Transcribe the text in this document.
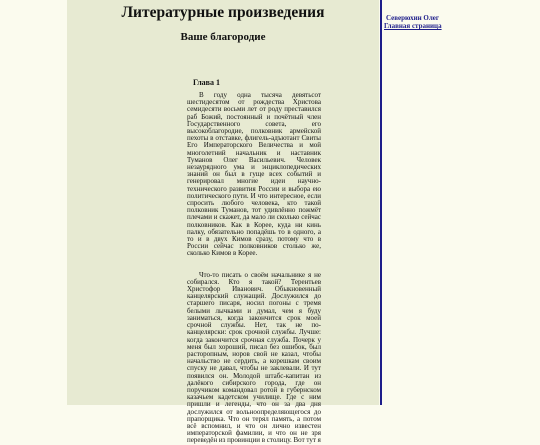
Литературные произведения
Ваше благородие
Глава 1

В году одна тысяча девятьсот шестидесятом от рождества Христова семидесяти восьми лет от роду преставился раб Божий, постоянный и почётный член Государственного совета, его высокоблагородие, полковник армейской пехоты в отставке, флигель-адъютант Свиты Его Императорского Величества и мой многолетний начальник и наставник Туманов Олег Васильевич. Человек незаурядного ума и энциклопедических знаний он был в гуще всех событий и генерировал многие идеи научно-технического развития России и выбора ею политического пути. И что интересное, если спросить любого человека, кто такой полковник Туманов, тот удивлённо пожмёт плечами и скажет, да мало ли сколько сейчас полковников. Как в Корее, куда ни кинь палку, обязательно попадёшь то в одного, а то и в двух Кимов сразу, потому что в России сейчас полковников столько же, сколько Кимов в Корее.

Что-то писать о своём начальнике я не собирался. Кто я такой? Терентьев Христофор Иванович. Обыкновенный канцелярский служащий. Дослужился до старшего писаря, носил погоны с тремя белыми лычками и думал, чем я буду заниматься, когда закончится срок моей срочной службы. Нет, так не по-канцелярски: срок срочной службы. Лучше: когда закончится срочная служба. Почерк у меня был хороший, писал без ошибок, был расторопным, норов свой не казал, чтобы начальство не сердить, а корешкам своим спуску не давал, чтобы не заклевали. И тут появился он. Молодой штабс-капитан из далёкого сибирского города, где он поручиком командовал ротой в губернском казачьем кадетском училище. Где с ним пришли и легенды, что он за два дня дослужился от вольноопределяющегося до прапорщика. Что он терял память, а потом всё вспомнил, и что он лично известен императорской фамилии, и что он не зря переведён из провинции в столицу. Вот тут я

Северюхин Олег
Главная страница
